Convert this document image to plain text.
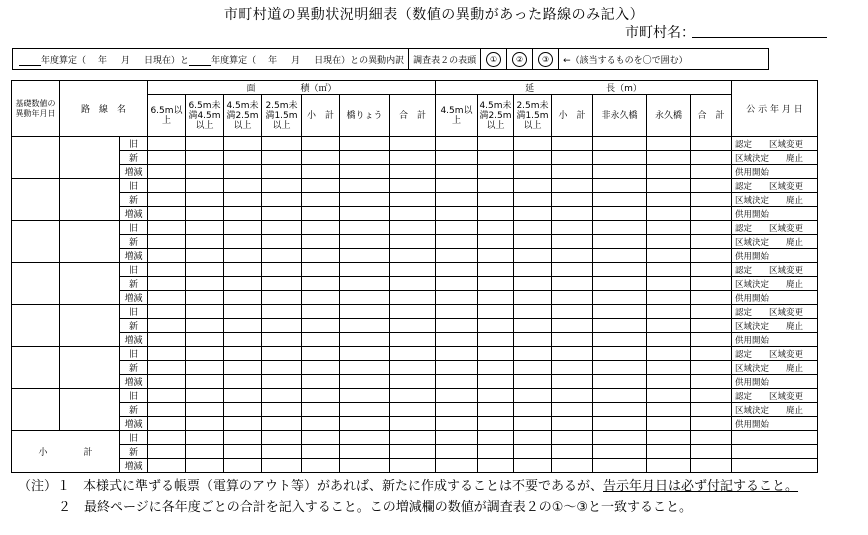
市町村道の異動状況明細表（数値の異動があった路線のみ記入）
市町村名：
年度算定（	年	月	日現在）と	年度算定（	年	月	日現在）との異動内訳	調査表２の表頭	①	②	③	←（該当するものを〇で囲む）
基礎数値の異動年月日	路　線　名		面　　　　　積（㎡）							延　　　　　　　　長（m）							公 示 年 月 日
			6.5m以上	6.5m未満4.5m以上	4.5m未満2.5m以上	2.5m未満1.5m以上	小　計	橋りょう	合　計	4.5m以上	4.5m未満2.5m以上	2.5m未満1.5m以上	小　計	非永久橋	永久橋	合　計	
		旧															認定　　区域変更
		新															区域決定　　廃止
		増減															供用開始
		旧															認定　　区域変更
		新															区域決定　　廃止
		増減															供用開始
		旧															認定　　区域変更
		新															区域決定　　廃止
		増減															供用開始
		旧															認定　　区域変更
		新															区域決定　　廃止
		増減															供用開始
		旧															認定　　区域変更
		新															区域決定　　廃止
		増減															供用開始
		旧															認定　　区域変更
		新															区域決定　　廃止
		増減															供用開始
		旧															認定　　区域変更
		新															区域決定　　廃止
		増減															供用開始
小　　　　計		旧															
		新															
		増減															
（注）１　本様式に準ずる帳票（電算のアウト等）があれば、新たに作成することは不要であるが、告示年月日は必ず付記すること。
２　最終ページに各年度ごとの合計を記入すること。この増減欄の数値が調査表２の①～③と一致すること。
